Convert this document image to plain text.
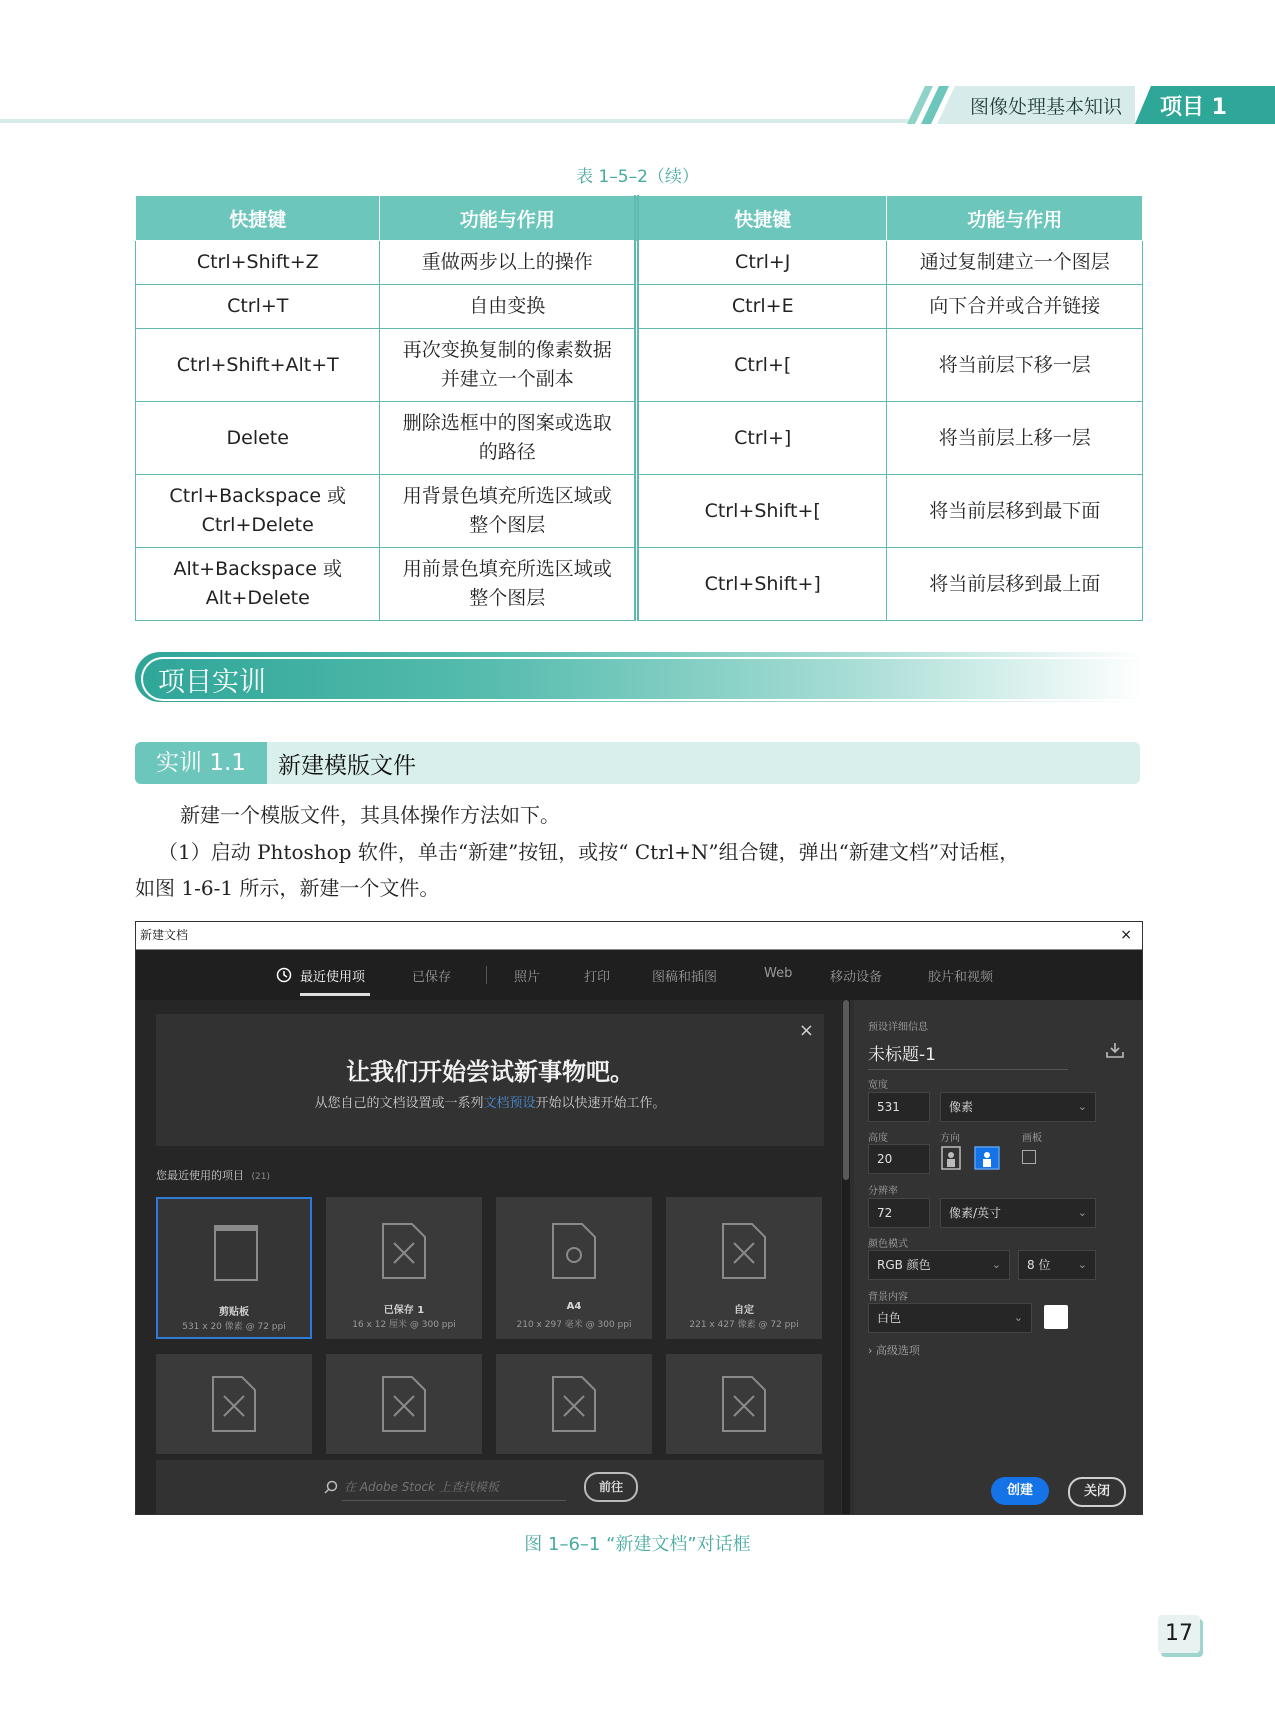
图像处理基本知识	项目 1
表 1–5–2（续）
快捷键	功能与作用	快捷键	功能与作用
Ctrl+Shift+Z	重做两步以上的操作	Ctrl+J	通过复制建立一个图层
Ctrl+T	自由变换	Ctrl+E	向下合并或合并链接
Ctrl+Shift+Alt+T	再次变换复制的像素数据并建立一个副本	Ctrl+[	将当前层下移一层
Delete	删除选框中的图案或选取的路径	Ctrl+]	将当前层上移一层
Ctrl+Backspace 或 Ctrl+Delete	用背景色填充所选区域或整个图层	Ctrl+Shift+[	将当前层移到最下面
Alt+Backspace 或 Alt+Delete	用前景色填充所选区域或整个图层	Ctrl+Shift+]	将当前层移到最上面
项目实训
实训 1.1	新建模版文件
新建一个模版文件，其具体操作方法如下。
（1）启动 Phtoshop 软件，单击“新建”按钮，或按“ Ctrl+N”组合键，弹出“新建文档”对话框，
如图 1-6-1 所示，新建一个文件。
新建文档	×
最近使用项	已保存	照片	打印	图稿和插图	Web	移动设备	胶片和视频
×
让我们开始尝试新事物吧。
从您自己的文档设置或一系列文档预设开始以快速开始工作。
您最近使用的项目 (21)
剪贴板
531 x 20 像素 @ 72 ppi
已保存 1
16 x 12 厘米 @ 300 ppi
A4
210 x 297 毫米 @ 300 ppi
自定
221 x 427 像素 @ 72 ppi
在 Adobe Stock 上查找模板
前往
预设详细信息
未标题-1
宽度
531	像素	⌄
高度	方向	画板
20
分辨率
72	像素/英寸	⌄
颜色模式
RGB 颜色	⌄	8 位 ⌄
背景内容
白色	⌄
› 高级选项
创建	关闭
图 1–6–1 “新建文档”对话框
17
